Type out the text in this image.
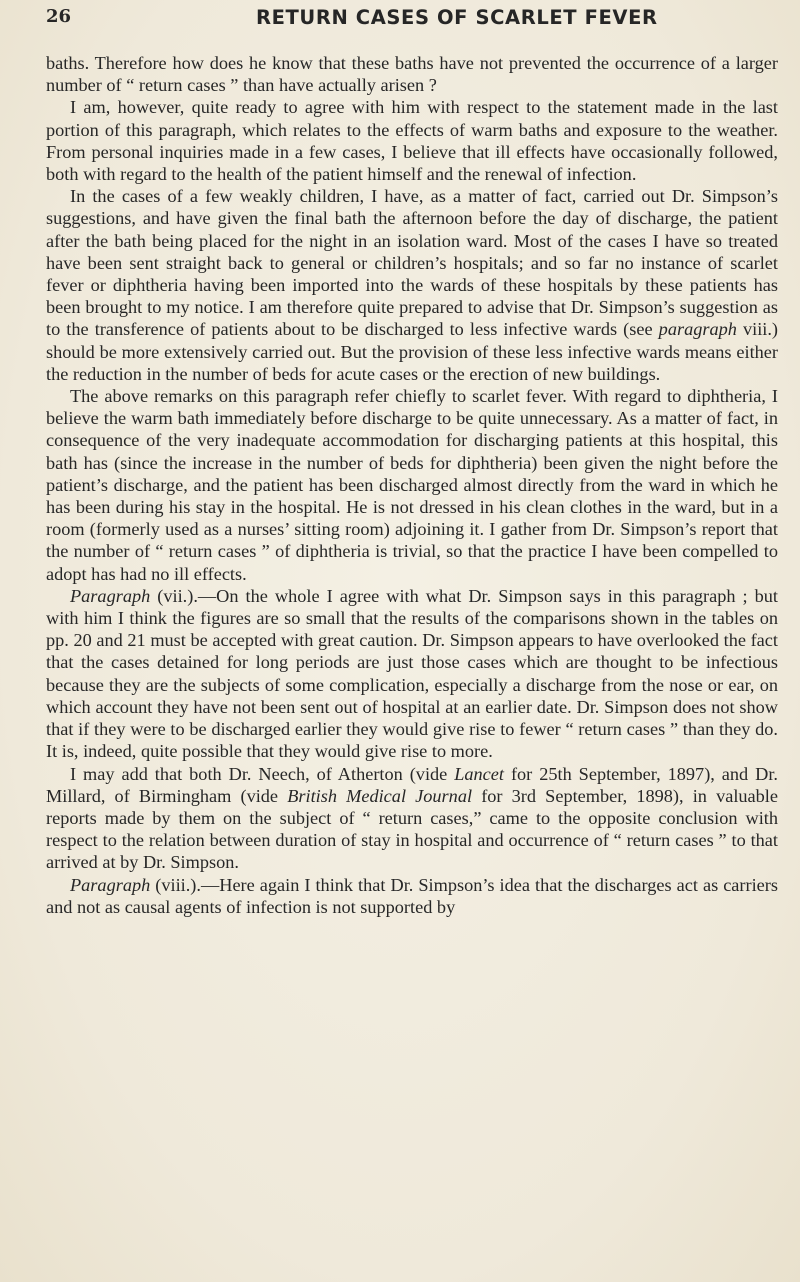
26	RETURN CASES OF SCARLET FEVER

baths. Therefore how does he know that these baths have not prevented the occurrence of a larger number of “ return cases ” than have actually arisen ?

I am, however, quite ready to agree with him with respect to the statement made in the last portion of this paragraph, which relates to the effects of warm baths and exposure to the weather. From personal inquiries made in a few cases, I believe that ill effects have occasionally followed, both with regard to the health of the patient himself and the renewal of infection.

In the cases of a few weakly children, I have, as a matter of fact, carried out Dr. Simpson’s suggestions, and have given the final bath the afternoon before the day of discharge, the patient after the bath being placed for the night in an isolation ward. Most of the cases I have so treated have been sent straight back to general or children’s hospitals; and so far no instance of scarlet fever or diphtheria having been imported into the wards of these hospitals by these patients has been brought to my notice. I am therefore quite prepared to advise that Dr. Simpson’s suggestion as to the transference of patients about to be discharged to less infective wards (see paragraph viii.) should be more extensively carried out. But the provision of these less infective wards means either the reduction in the number of beds for acute cases or the erection of new buildings.

The above remarks on this paragraph refer chiefly to scarlet fever. With regard to diphtheria, I believe the warm bath immediately before discharge to be quite unnecessary. As a matter of fact, in consequence of the very inadequate accommodation for discharging patients at this hospital, this bath has (since the increase in the number of beds for diphtheria) been given the night before the patient’s discharge, and the patient has been discharged almost directly from the ward in which he has been during his stay in the hospital. He is not dressed in his clean clothes in the ward, but in a room (formerly used as a nurses’ sitting room) adjoining it. I gather from Dr. Simpson’s report that the number of “ return cases ” of diphtheria is trivial, so that the practice I have been compelled to adopt has had no ill effects.

Paragraph (vii.).—On the whole I agree with what Dr. Simpson says in this paragraph ; but with him I think the figures are so small that the results of the comparisons shown in the tables on pp. 20 and 21 must be accepted with great caution. Dr. Simpson appears to have overlooked the fact that the cases detained for long periods are just those cases which are thought to be infectious because they are the subjects of some complication, especially a discharge from the nose or ear, on which account they have not been sent out of hospital at an earlier date. Dr. Simpson does not show that if they were to be discharged earlier they would give rise to fewer “ return cases ” than they do. It is, indeed, quite possible that they would give rise to more.

I may add that both Dr. Neech, of Atherton (vide Lancet for 25th September, 1897), and Dr. Millard, of Birmingham (vide British Medical Journal for 3rd September, 1898), in valuable reports made by them on the subject of “ return cases,” came to the opposite conclusion with respect to the relation between duration of stay in hospital and occurrence of “ return cases ” to that arrived at by Dr. Simpson.

Paragraph (viii.).—Here again I think that Dr. Simpson’s idea that the discharges act as carriers and not as causal agents of infection is not supported by
